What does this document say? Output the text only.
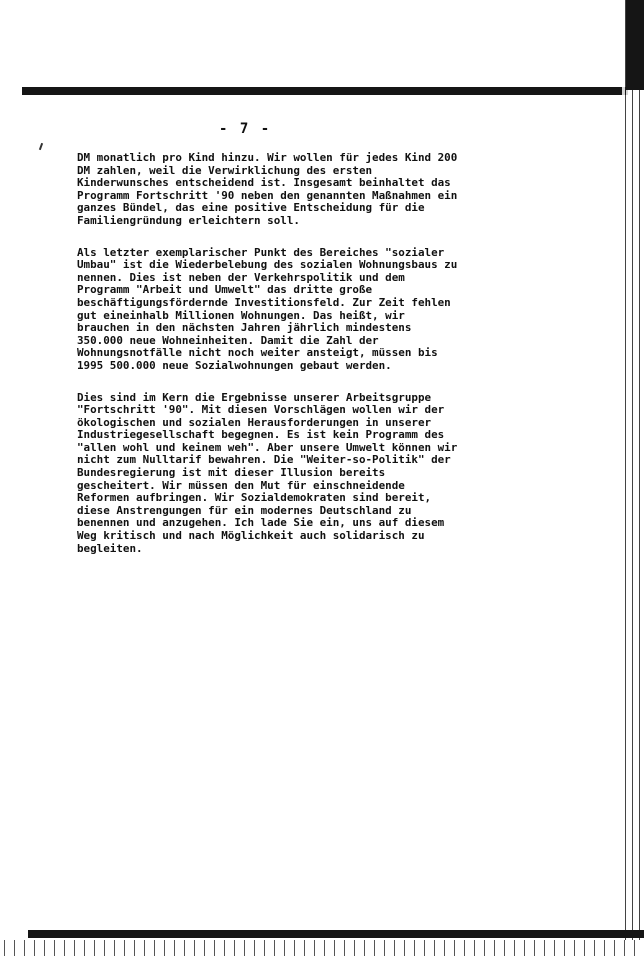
- 7 -

DM monatlich pro Kind hinzu. Wir wollen für jedes Kind 200

DM zahlen, weil die Verwirklichung des ersten

Kinderwunsches entscheidend ist. Insgesamt beinhaltet das

Programm Fortschritt '90 neben den genannten Maßnahmen ein

ganzes Bündel, das eine positive Entscheidung für die

Familiengründung erleichtern soll.

Als letzter exemplarischer Punkt des Bereiches "sozialer

Umbau" ist die Wiederbelebung des sozialen Wohnungsbaus zu

nennen. Dies ist neben der Verkehrspolitik und dem

Programm "Arbeit und Umwelt" das dritte große

beschäftigungsfördernde Investitionsfeld. Zur Zeit fehlen

gut eineinhalb Millionen Wohnungen. Das heißt, wir

brauchen in den nächsten Jahren jährlich mindestens

350.000 neue Wohneinheiten. Damit die Zahl der

Wohnungsnotfälle nicht noch weiter ansteigt, müssen bis

1995 500.000 neue Sozialwohnungen gebaut werden.

Dies sind im Kern die Ergebnisse unserer Arbeitsgruppe

"Fortschritt '90". Mit diesen Vorschlägen wollen wir der

ökologischen und sozialen Herausforderungen in unserer

Industriegesellschaft begegnen. Es ist kein Programm des

"allen wohl und keinem weh". Aber unsere Umwelt können wir

nicht zum Nulltarif bewahren. Die "Weiter-so-Politik" der

Bundesregierung ist mit dieser Illusion bereits

gescheitert. Wir müssen den Mut für einschneidende

Reformen aufbringen. Wir Sozialdemokraten sind bereit,

diese Anstrengungen für ein modernes Deutschland zu

benennen und anzugehen. Ich lade Sie ein, uns auf diesem

Weg kritisch und nach Möglichkeit auch solidarisch zu

begleiten.
